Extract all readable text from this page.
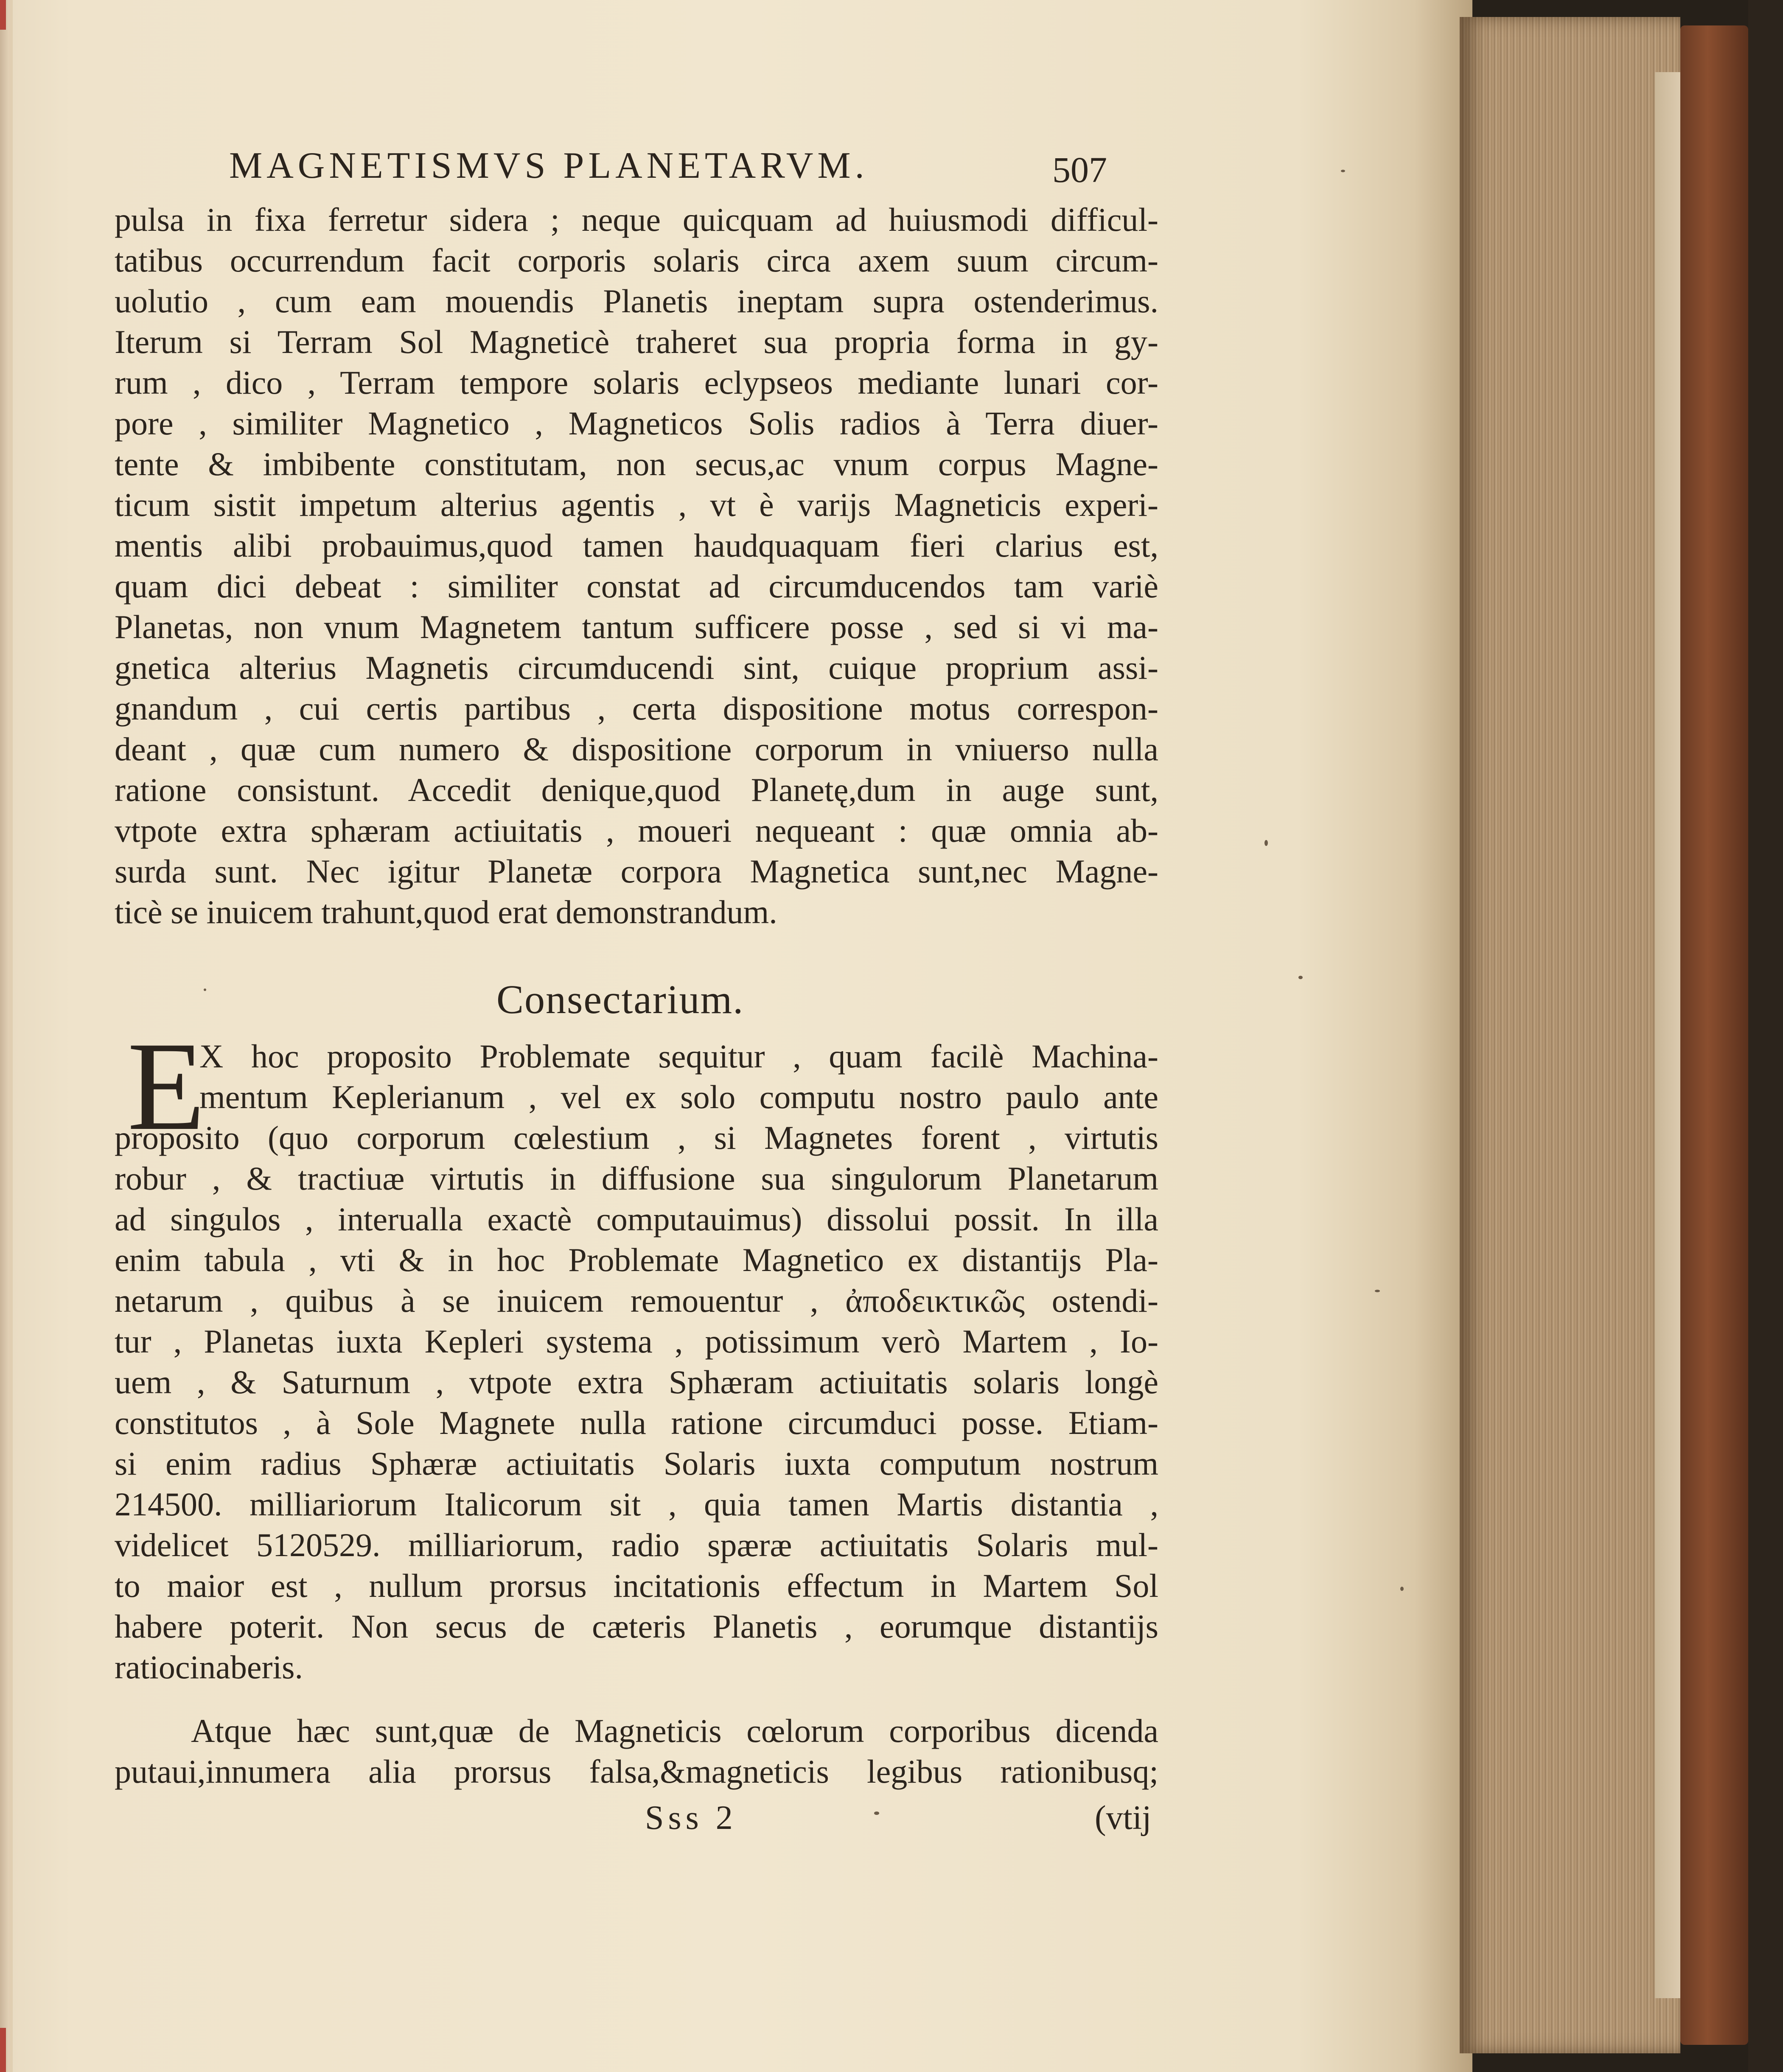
MAGNETISMVS PLANETARVM.	507
pulsa in fixa ferretur sidera ; neque quicquam ad huiusmodi difficul-
tatibus occurrendum facit corporis solaris circa axem suum circum-
uolutio , cum eam mouendis Planetis ineptam supra ostenderimus.
Iterum si Terram Sol Magneticè traheret sua propria forma in gy-
rum , dico , Terram tempore solaris eclypseos mediante lunari cor-
pore , similiter Magnetico , Magneticos Solis radios à Terra diuer-
tente & imbibente constitutam, non secus,ac vnum corpus Magne-
ticum sistit impetum alterius agentis , vt è varijs Magneticis experi-
mentis alibi probauimus,quod tamen haudquaquam fieri clarius est,
quam dici debeat : similiter constat ad circumducendos tam variè
Planetas, non vnum Magnetem tantum sufficere posse , sed si vi ma-
gnetica alterius Magnetis circumducendi sint, cuique proprium assi-
gnandum , cui certis partibus , certa dispositione motus correspon-
deant , quæ cum numero & dispositione corporum in vniuerso nulla
ratione consistunt. Accedit denique,quod Planetę,dum in auge sunt,
vtpote extra sphæram actiuitatis , moueri nequeant : quæ omnia ab-
surda sunt. Nec igitur Planetæ corpora Magnetica sunt,nec Magne-
ticè se inuicem trahunt,quod erat demonstrandum.
Consectarium.
E
X hoc proposito Problemate sequitur , quam facilè Machina-
mentum Keplerianum , vel ex solo computu nostro paulo ante
proposito (quo corporum cœlestium , si Magnetes forent , virtutis
robur , & tractiuæ virtutis in diffusione sua singulorum Planetarum
ad singulos , interualla exactè computauimus) dissolui possit. In illa
enim tabula , vti & in hoc Problemate Magnetico ex distantijs Pla-
netarum , quibus à se inuicem remouentur , ἀποδεικτικῶς ostendi-
tur , Planetas iuxta Kepleri systema , potissimum verò Martem , Io-
uem , & Saturnum , vtpote extra Sphæram actiuitatis solaris longè
constitutos , à Sole Magnete nulla ratione circumduci posse. Etiam-
si enim radius Sphæræ actiuitatis Solaris iuxta computum nostrum
214500. milliariorum Italicorum sit , quia tamen Martis distantia ,
videlicet 5120529. milliariorum, radio spæræ actiuitatis Solaris mul-
to maior est , nullum prorsus incitationis effectum in Martem Sol
habere poterit. Non secus de cæteris Planetis , eorumque distantijs
ratiocinaberis.
Atque hæc sunt,quæ de Magneticis cœlorum corporibus dicenda
putaui,innumera alia prorsus falsa,&magneticis legibus rationibusq;
Sss 2	(vtij
